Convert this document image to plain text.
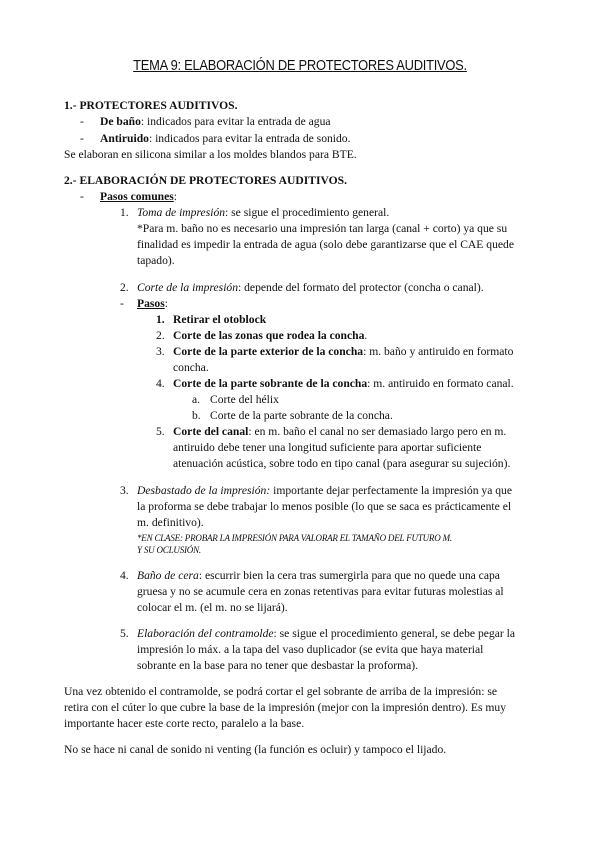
TEMA 9: ELABORACIÓN DE PROTECTORES AUDITIVOS.
1.- PROTECTORES AUDITIVOS.
- De baño: indicados para evitar la entrada de agua
- Antiruido: indicados para evitar la entrada de sonido.
Se elaboran en silicona similar a los moldes blandos para BTE.
2.- ELABORACIÓN DE PROTECTORES AUDITIVOS.
- Pasos comunes:
1. Toma de impresión: se sigue el procedimiento general.
*Para m. baño no es necesario una impresión tan larga (canal + corto) ya que su
finalidad es impedir la entrada de agua (solo debe garantizarse que el CAE quede
tapado).
2. Corte de la impresión: depende del formato del protector (concha o canal).
- Pasos:
1. Retirar el otoblock
2. Corte de las zonas que rodea la concha.
3. Corte de la parte exterior de la concha: m. baño y antiruido en formato
concha.
4. Corte de la parte sobrante de la concha: m. antiruido en formato canal.
a. Corte del hélix
b. Corte de la parte sobrante de la concha.
5. Corte del canal: en m. baño el canal no ser demasiado largo pero en m.
antiruido debe tener una longitud suficiente para aportar suficiente
atenuación acústica, sobre todo en tipo canal (para asegurar su sujeción).
3. Desbastado de la impresión: importante dejar perfectamente la impresión ya que
la proforma se debe trabajar lo menos posible (lo que se saca es prácticamente el
m. definitivo).
*EN CLASE: PROBAR LA IMPRESIÓN PARA VALORAR EL TAMAÑO DEL FUTURO M.
Y SU OCLUSIÓN.
4. Baño de cera: escurrir bien la cera tras sumergirla para que no quede una capa
gruesa y no se acumule cera en zonas retentivas para evitar futuras molestias al
colocar el m. (el m. no se lijará).
5. Elaboración del contramolde: se sigue el procedimiento general, se debe pegar la
impresión lo máx. a la tapa del vaso duplicador (se evita que haya material
sobrante en la base para no tener que desbastar la proforma).
Una vez obtenido el contramolde, se podrá cortar el gel sobrante de arriba de la impresión: se
retira con el cúter lo que cubre la base de la impresión (mejor con la impresión dentro). Es muy
importante hacer este corte recto, paralelo a la base.
No se hace ni canal de sonido ni venting (la función es ocluir) y tampoco el lijado.
